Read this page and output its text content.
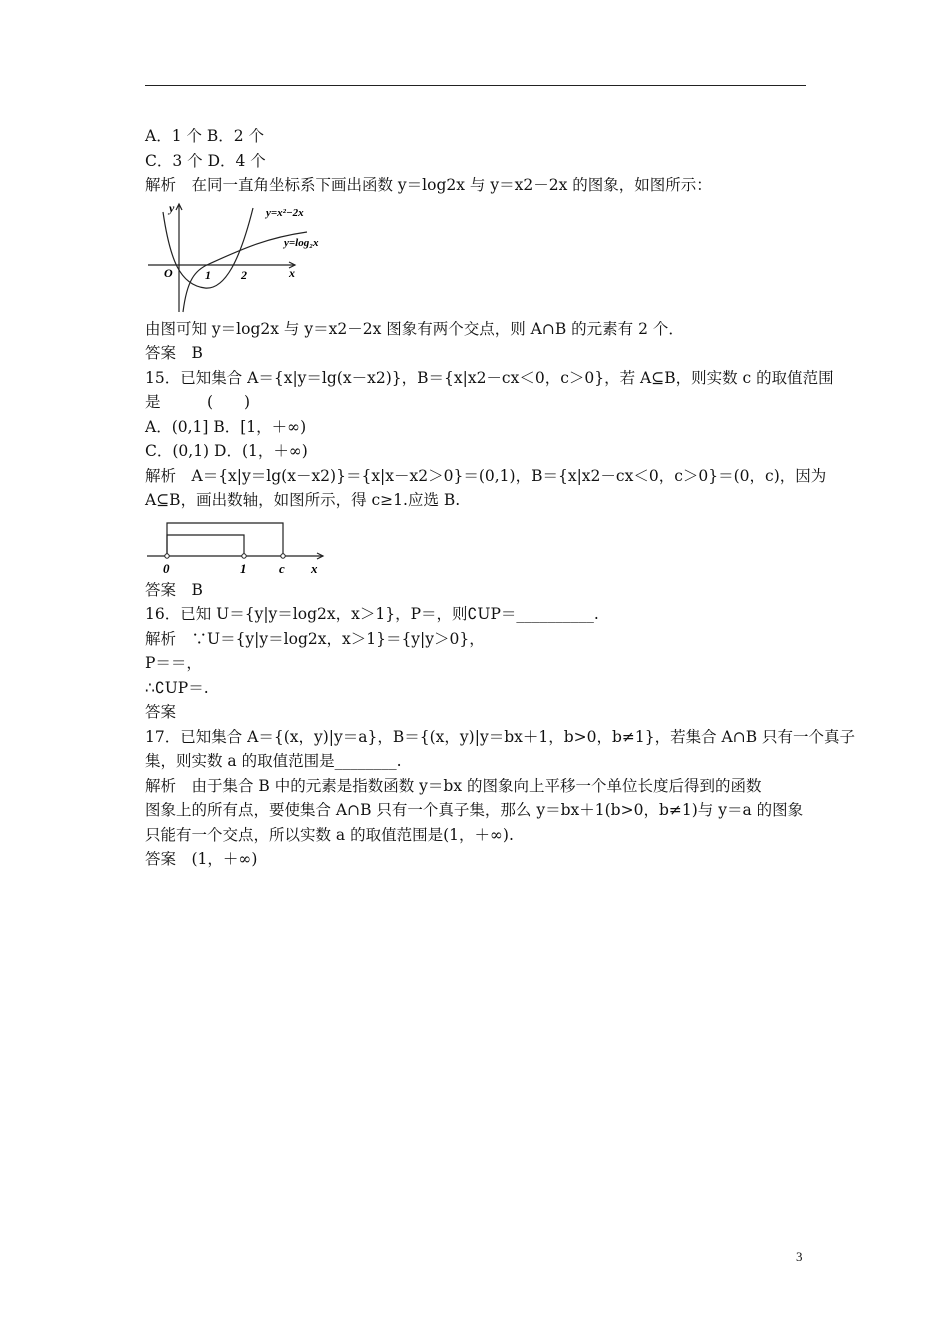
A．1 个 B．2 个

C．3 个 D．4 个

解析　在同一直角坐标系下画出函数 y＝log2x 与 y＝x2－2x 的图象，如图所示：

y
x
O	1	2
y=x²−2x
y=log₂x

由图可知 y＝log2x 与 y＝x2－2x 图象有两个交点，则 A∩B 的元素有 2 个．

答案　B

15．已知集合 A＝{x|y＝lg(x－x2)}，B＝{x|x2－cx＜0，c＞0}，若 A⊆B，则实数 c 的取值范围

是　　　(　　)

A．(0,1] B．[1，＋∞)

C．(0,1) D．(1，＋∞)

解析　A＝{x|y＝lg(x－x2)}＝{x|x－x2＞0}＝(0,1)，B＝{x|x2－cx＜0，c＞0}＝(0，c)，因为

A⊆B，画出数轴，如图所示，得 c≥1.应选 B.

0	1	c x

答案　B

16．已知 U＝{y|y＝log2x，x＞1}，P＝，则∁UP＝__________.

解析　∵U＝{y|y＝log2x，x＞1}＝{y|y＞0}，

P＝＝，

∴∁UP＝.

答案

17．已知集合 A＝{(x，y)|y＝a}，B＝{(x，y)|y＝bx＋1，b>0，b≠1}，若集合 A∩B 只有一个真子

集，则实数 a 的取值范围是________.

解析　由于集合 B 中的元素是指数函数 y＝bx 的图象向上平移一个单位长度后得到的函数

图象上的所有点，要使集合 A∩B 只有一个真子集，那么 y＝bx＋1(b>0，b≠1)与 y＝a 的图象

只能有一个交点，所以实数 a 的取值范围是(1，＋∞).

答案　(1，＋∞)

3
